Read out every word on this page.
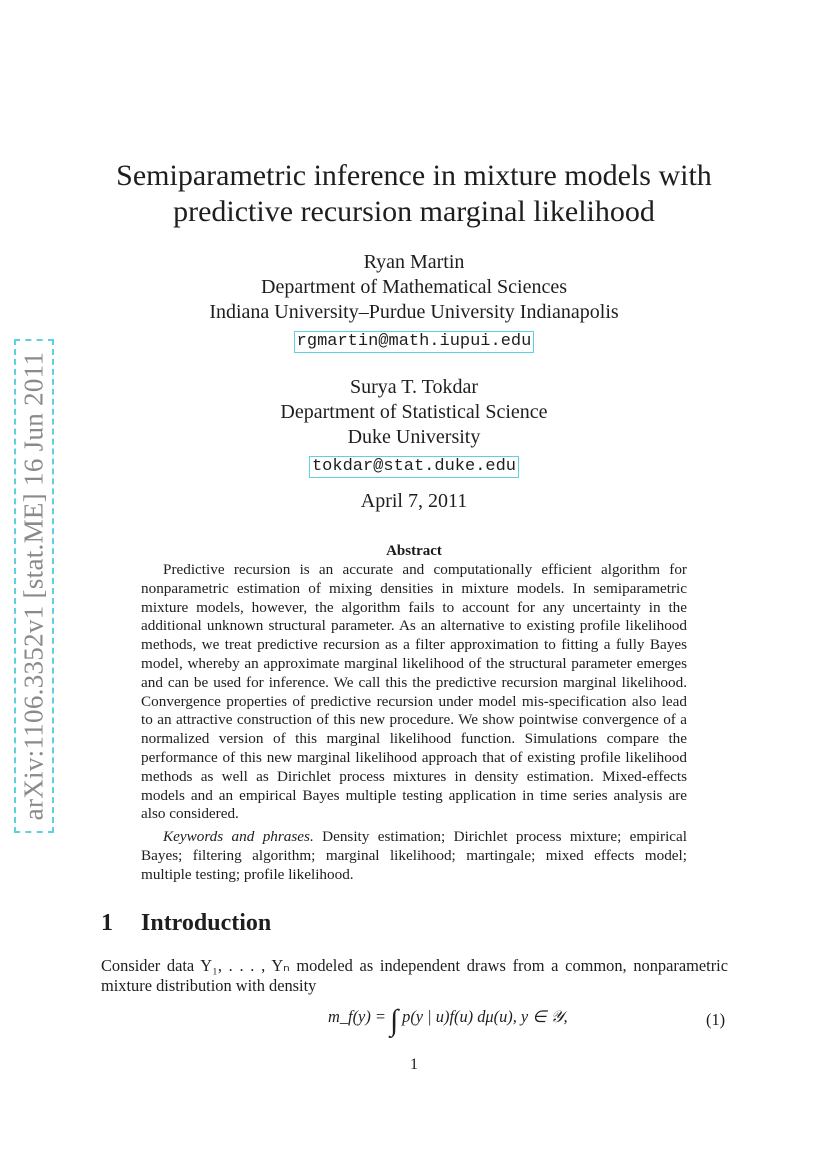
arXiv:1106.3352v1 [stat.ME] 16 Jun 2011
Semiparametric inference in mixture models with
predictive recursion marginal likelihood
Ryan Martin
Department of Mathematical Sciences
Indiana University–Purdue University Indianapolis
rgmartin@math.iupui.edu
Surya T. Tokdar
Department of Statistical Science
Duke University
tokdar@stat.duke.edu
April 7, 2011
Abstract

Predictive recursion is an accurate and computationally efficient algorithm for nonparametric estimation of mixing densities in mixture models. In semiparametric mixture models, however, the algorithm fails to account for any uncertainty in the additional unknown structural parameter. As an alternative to existing profile likelihood methods, we treat predictive recursion as a filter approximation to fitting a fully Bayes model, whereby an approximate marginal likelihood of the structural parameter emerges and can be used for inference. We call this the predictive recursion marginal likelihood. Convergence properties of predictive recursion under model mis-specification also lead to an attractive construction of this new procedure. We show pointwise convergence of a normalized version of this marginal likelihood function. Simulations compare the performance of this new marginal likelihood approach that of existing profile likelihood methods as well as Dirichlet process mixtures in density estimation. Mixed-effects models and an empirical Bayes multiple testing application in time series analysis are also considered.

Keywords and phrases. Density estimation; Dirichlet process mixture; empirical Bayes; filtering algorithm; marginal likelihood; martingale; mixed effects model; multiple testing; profile likelihood.

1 Introduction
Consider data Y₁, . . . , Yₙ modeled as independent draws from a common, nonparametric mixture distribution with density
m_f(y) = ∫ p(y | u)f(u) dμ(u), y ∈ 𝒴,	(1)
1
